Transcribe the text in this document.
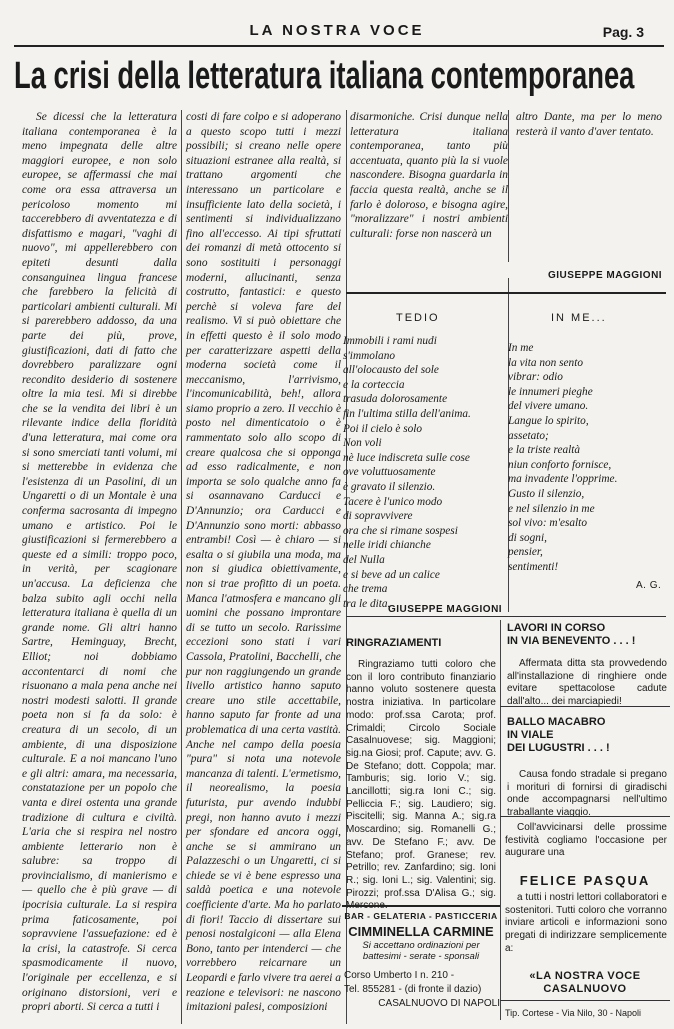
LA NOSTRA VOCE	Pag. 3
La crisi della letteratura italiana contemporanea

Se dicessi che la letteratura italiana contemporanea è la meno impegnata delle altre maggiori europee, e non solo europee, se affermassi che mai come ora essa attraversa un pericoloso momento mi taccerebbero di avventatezza e di disfattismo e magari, "vaghi di nuovo", mi appellerebbero con epiteti desunti dalla consanguinea lingua francese che farebbero la felicità di particolari ambienti culturali. Mi si parerebbero addosso, da una parte dei più, prove, giustificazioni, dati di fatto che dovrebbero paralizzare ogni recondito desiderio di sostenere oltre la mia tesi. Mi si direbbe che se la vendita dei libri è un rilevante indice della floridità d'una letteratura, mai come ora si sono smerciati tanti volumi, mi si metterebbe in evidenza che l'esistenza di un Pasolini, di un Ungaretti o di un Montale è una conferma sacrosanta di impegno umano e artistico. Poi le giustificazioni si fermerebbero a queste ed a simili: troppo poco, in verità, per scagionare un'accusa. La deficienza che balza subito agli occhi nella letteratura italiana è quella di un grande nome. Gli altri hanno Sartre, Heminguay, Brecht, Elliot; noi dobbiamo accontentarci di nomi che risuonano a mala pena anche nei nostri modesti salotti. Il grande poeta non si fa da solo: è creatura di un secolo, di un ambiente, di una disposizione culturale. E a noi mancano l'uno e gli altri: amara, ma necessaria, constatazione per un popolo che vanta e direi ostenta una grande tradizione di cultura e civiltà. L'aria che si respira nel nostro ambiente letterario non è salubre: sa troppo di provincialismo, di manierismo e — quello che è più grave — di ipocrisia culturale. La si respira prima faticosamente, poi sopravviene l'assuefazione: ed è la crisi, la catastrofe. Si cerca spasmodicamente il nuovo, l'originale per eccellenza, e si originano distorsioni, veri e propri aborti. Si cerca a tutti i

costi di fare colpo e si adoperano a questo scopo tutti i mezzi possibili; si creano nelle opere situazioni estranee alla realtà, si trattano argomenti che interessano un particolare e insufficiente lato della società, i sentimenti si individualizzano fino all'eccesso. Ai tipi sfruttati dei romanzi di metà ottocento si sono sostituiti i personaggi moderni, allucinanti, senza costrutto, fantastici: e questo perchè si voleva fare del realismo. Vi si può obiettare che in effetti questo è il solo modo per caratterizzare aspetti della moderna società come il meccanismo, l'arrivismo, l'incomunicabilità, beh!, allora siamo proprio a zero. Il vecchio è posto nel dimenticatoio o è rammentato solo allo scopo di creare qualcosa che si opponga ad esso radicalmente, e non importa se solo qualche anno fa si osannavano Carducci e D'Annunzio; ora Carducci e D'Annunzio sono morti: abbasso entrambi! Così — è chiaro — si esalta o si giubila una moda, ma non si giudica obiettivamente, non si trae profitto di un poeta. Manca l'atmosfera e mancano gli uomini che possano improntare di se tutto un secolo. Rarissime eccezioni sono stati i vari Cassola, Pratolini, Bacchelli, che pur non raggiungendo un grande livello artistico hanno saputo creare uno stile accettabile, hanno saputo far fronte ad una problematica di una certa vastità. Anche nel campo della poesia "pura" si nota una notevole mancanza di talenti. L'ermetismo, il neorealismo, la poesia futurista, pur avendo indubbi pregi, non hanno avuto i mezzi per sfondare ed ancora oggi, anche se si ammirano un Palazzeschi o un Ungaretti, ci si chiede se vi è bene espresso una saldà poetica e una notevole coefficiente d'arte. Ma ho parlato di fiori! Taccio di dissertare sui penosi nostalgiconi — alla Elena Bono, tanto per intenderci — che vorrebbero reicarnare un Leopardi e farlo vivere tra aerei a reazione e televisori: ne nascono imitazioni palesi, composizioni

disarmoniche. Crisi dunque nella letteratura italiana contemporanea, tanto più accentuata, quanto più la si vuole nascondere. Bisogna guardarla in faccia questa realtà, anche se il farlo è doloroso, e bisogna agire, "moralizzare" i nostri ambienti culturali: forse non nascerà un

altro Dante, ma per lo meno resterà il vanto d'aver tentato.

GIUSEPPE MAGGIONI
TEDIO
Immobili i rami nudi
s'immolano
all'olocausto del sole
e la corteccia
trasuda dolorosamente
fin l'ultima stilla dell'anima.
Poi il cielo è solo
Non voli
nè luce indiscreta sulle cose
ove voluttuosamente
è gravato il silenzio.
Tacere è l'unico modo
di sopravvivere
ora che si rimane sospesi
nelle iridi chianche
del Nulla
e si beve ad un calice
che trema
tra le dita.
GIUSEPPE MAGGIONI
IN ME...
In me
la vita non sento
vibrar: odio
le innumeri pieghe
del vivere umano.
Langue lo spirito,
assetato;
e la triste realtà
niun conforto fornisce,
ma invadente l'opprime.
Gusto il silenzio,
e nel silenzio in me
sol vivo: m'esalto
di sogni,
pensier,
sentimenti!
A. G.
RINGRAZIAMENTI

Ringraziamo tutti coloro che con il loro contributo finanziario hanno voluto sostenere questa nostra iniziativa. In particolare modo: prof.ssa Carota; prof. Crimaldi; Circolo Sociale Casalnuovese; sig. Maggioni; sig.na Giosi; prof. Capute; avv. G. De Stefano; dott. Coppola; mar. Tamburis; sig. Iorio V.; sig. Lancillotti; sig.ra Ioni C.; sig. Pelliccia F.; sig. Laudiero; sig. Piscitelli; sig. Manna A.; sig.ra Moscardino; sig. Romanelli G.; avv. De Stefano F.; avv. De Stefano; prof. Granese; rev. Petrillo; rev. Zanfardino; sig. Ioni R.; sig. Ioni L.; sig. Valentini; sig. Pirozzi; prof.ssa D'Alisa G.; sig. Mercone.

BAR - GELATERIA - PASTICCERIA
CIMMINELLA CARMINE
Si accettano ordinazioni per battesimi - serate - sponsali
Corso Umberto I n. 210 -
Tel. 855281 - (di fronte il dazio)
CASALNUOVO DI NAPOLI
LAVORI IN CORSO
IN VIA BENEVENTO . . . !

Affermata ditta sta provvedendo all'installazione di ringhiere onde evitare spettacolose cadute dall'alto... dei marciapiedi!

BALLO MACABRO
IN VIALE
DEI LUGUSTRI . . . !

Causa fondo stradale si pregano i morituri di fornirsi di giradischi onde accompagnarsi nell'ultimo traballante viaggio.

Coll'avvicinarsi delle prossime festività cogliamo l'occasione per augurare una

FELICE PASQUA

a tutti i nostri lettori collaboratori e sostenitori. Tutti coloro che vorranno inviare articoli e informazioni sono pregati di indirizzare semplicemente a:

«LA NOSTRA VOCE
CASALNUOVO
Tip. Cortese - Via Nilo, 30 - Napoli
